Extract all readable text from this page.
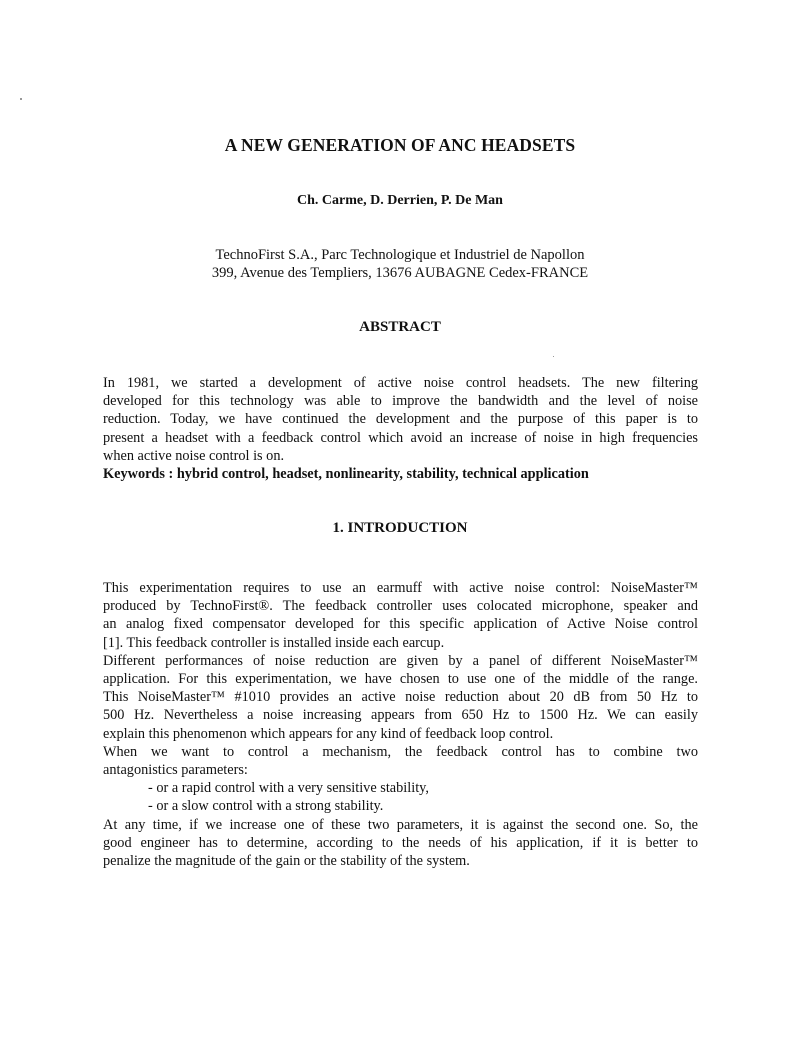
A NEW GENERATION OF ANC HEADSETS
Ch. Carme, D. Derrien, P. De Man
TechnoFirst S.A., Parc Technologique et Industriel de Napollon
399, Avenue des Templiers, 13676 AUBAGNE Cedex-FRANCE
ABSTRACT

In 1981, we started a development of active noise control headsets. The new filtering

developed for this technology was able to improve the bandwidth and the level of noise

reduction. Today, we have continued the development and the purpose of this paper is to

present a headset with a feedback control which avoid an increase of noise in high frequencies

when active noise control is on.

Keywords : hybrid control, headset, nonlinearity, stability, technical application

1. INTRODUCTION

This experimentation requires to use an earmuff with active noise control: NoiseMaster™

produced by TechnoFirst®. The feedback controller uses colocated microphone, speaker and

an analog fixed compensator developed for this specific application of Active Noise control

[1]. This feedback controller is installed inside each earcup.

Different performances of noise reduction are given by a panel of different NoiseMaster™

application. For this experimentation, we have chosen to use one of the middle of the range.

This NoiseMaster™ #1010 provides an active noise reduction about 20 dB from 50 Hz to

500 Hz. Nevertheless a noise increasing appears from 650 Hz to 1500 Hz. We can easily

explain this phenomenon which appears for any kind of feedback loop control.

When we want to control a mechanism, the feedback control has to combine two

antagonistics parameters:

- or a rapid control with a very sensitive stability,

- or a slow control with a strong stability.

At any time, if we increase one of these two parameters, it is against the second one. So, the

good engineer has to determine, according to the needs of his application, if it is better to

penalize the magnitude of the gain or the stability of the system.
